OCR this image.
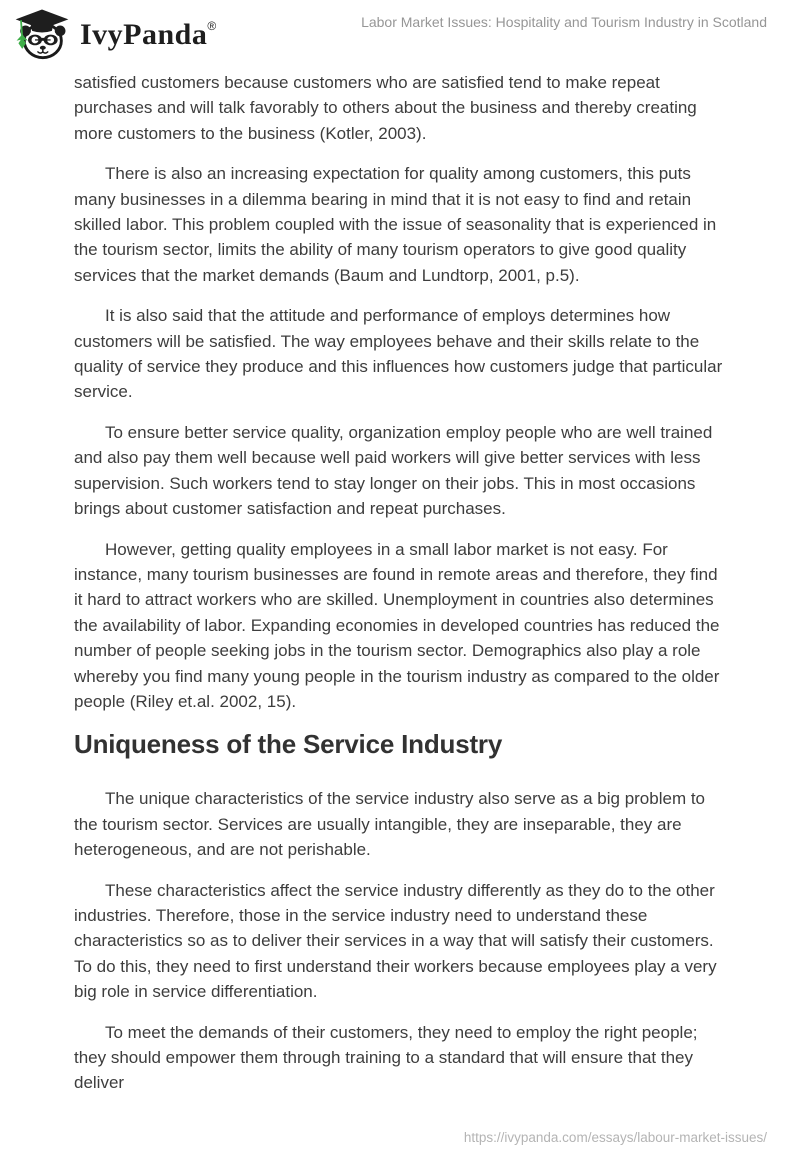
IvyPanda ®	Labor Market Issues: Hospitality and Tourism Industry in Scotland

satisfied customers because customers who are satisfied tend to make repeat purchases and will talk favorably to others about the business and thereby creating more customers to the business (Kotler, 2003).

There is also an increasing expectation for quality among customers, this puts many businesses in a dilemma bearing in mind that it is not easy to find and retain skilled labor. This problem coupled with the issue of seasonality that is experienced in the tourism sector, limits the ability of many tourism operators to give good quality services that the market demands (Baum and Lundtorp, 2001, p.5).

It is also said that the attitude and performance of employs determines how customers will be satisfied. The way employees behave and their skills relate to the quality of service they produce and this influences how customers judge that particular service.

To ensure better service quality, organization employ people who are well trained and also pay them well because well paid workers will give better services with less supervision. Such workers tend to stay longer on their jobs. This in most occasions brings about customer satisfaction and repeat purchases.

However, getting quality employees in a small labor market is not easy. For instance, many tourism businesses are found in remote areas and therefore, they find it hard to attract workers who are skilled. Unemployment in countries also determines the availability of labor. Expanding economies in developed countries has reduced the number of people seeking jobs in the tourism sector. Demographics also play a role whereby you find many young people in the tourism industry as compared to the older people (Riley et.al. 2002, 15).

Uniqueness of the Service Industry

The unique characteristics of the service industry also serve as a big problem to the tourism sector. Services are usually intangible, they are inseparable, they are heterogeneous, and are not perishable.

These characteristics affect the service industry differently as they do to the other industries. Therefore, those in the service industry need to understand these characteristics so as to deliver their services in a way that will satisfy their customers. To do this, they need to first understand their workers because employees play a very big role in service differentiation.

To meet the demands of their customers, they need to employ the right people; they should empower them through training to a standard that will ensure that they deliver

https://ivypanda.com/essays/labour-market-issues/
